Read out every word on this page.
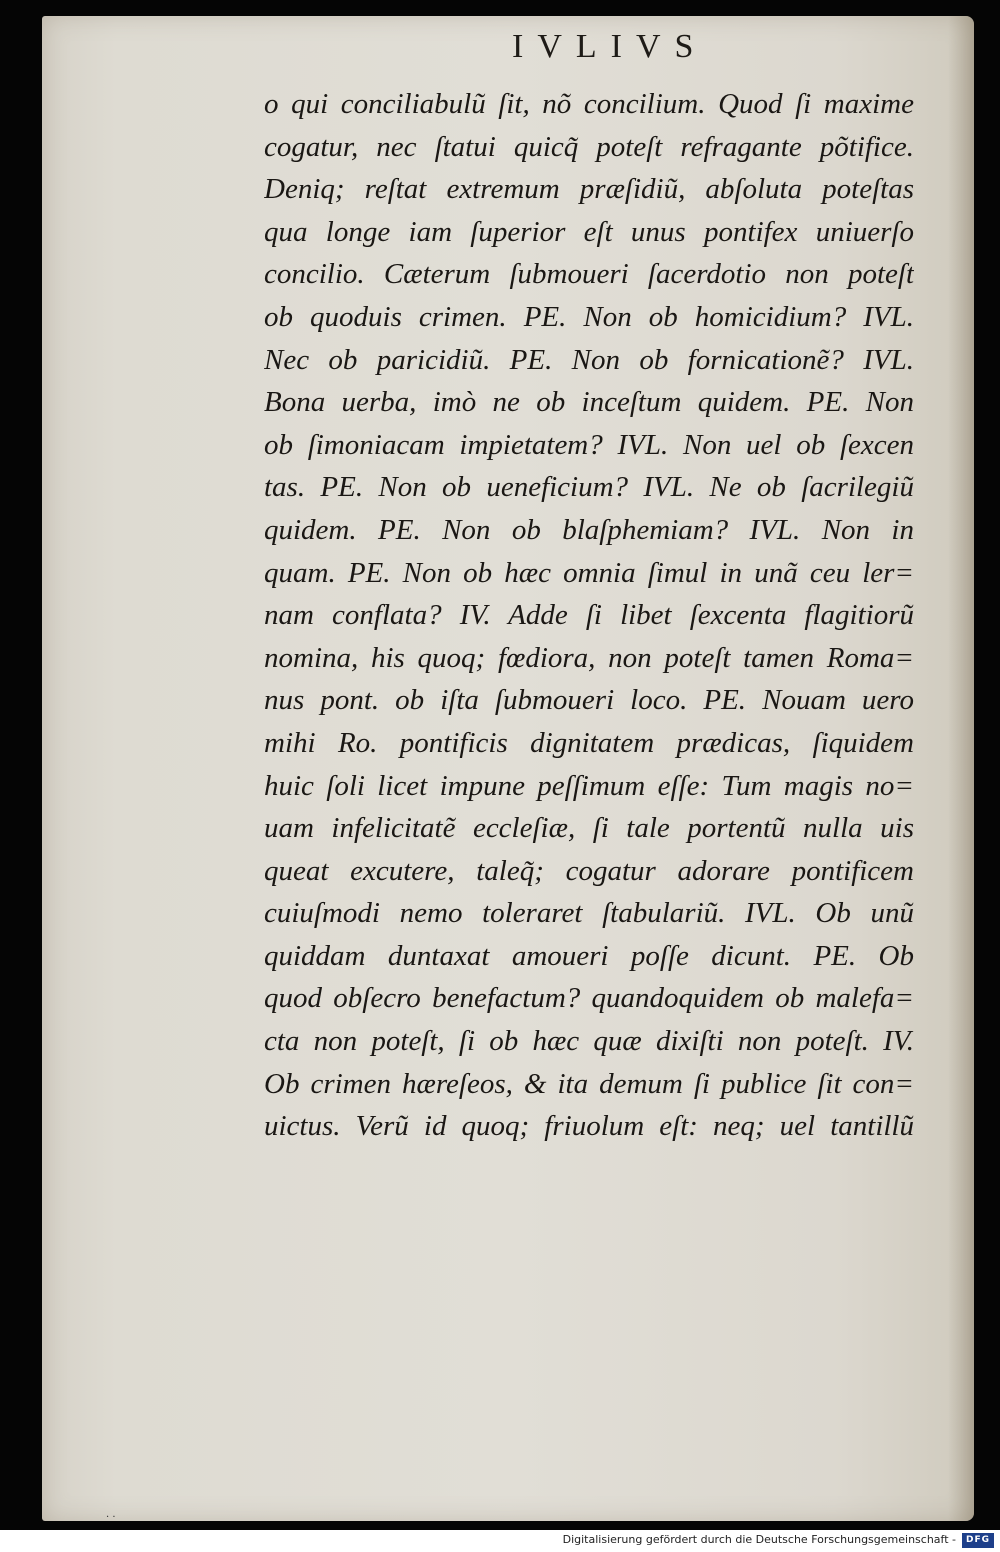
IVLIVS
o qui conciliabulũ ſit, nõ concilium. Quod ſi maxime
cogatur, nec ſtatui quicq̃ poteſt refragante põtifice.
Deniq; reſtat extremum præſidiũ, abſoluta poteſtas
qua longe iam ſuperior eſt unus pontifex uniuerſo
concilio. Cæterum ſubmoueri ſacerdotio non poteſt
ob quoduis crimen. PE. Non ob homicidium? IVL.
Nec ob paricidiũ. PE. Non ob fornicationẽ? IVL.
Bona uerba, imò ne ob inceſtum quidem. PE. Non
ob ſimoniacam impietatem? IVL. Non uel ob ſexcen
tas. PE. Non ob ueneficium? IVL. Ne ob ſacrilegiũ
quidem. PE. Non ob blaſphemiam? IVL. Non in
quam. PE. Non ob hæc omnia ſimul in unã ceu ler=
nam conflata? IV. Adde ſi libet ſexcenta flagitiorũ
nomina, his quoq; fœdiora, non poteſt tamen Roma=
nus pont. ob iſta ſubmoueri loco. PE. Nouam uero
mihi Ro. pontificis dignitatem prædicas, ſiquidem
huic ſoli licet impune peſſimum eſſe: Tum magis no=
uam infelicitatẽ eccleſiæ, ſi tale portentũ nulla uis
queat excutere, taleq̃; cogatur adorare pontificem
cuiuſmodi nemo toleraret ſtabulariũ. IVL. Ob unũ
quiddam duntaxat amoueri poſſe dicunt. PE. Ob
quod obſecro benefactum? quandoquidem ob malefa=
cta non poteſt, ſi ob hæc quæ dixiſti non poteſt. IV.
Ob crimen hæreſeos, & ita demum ſi publice ſit con=
uictus. Verũ id quoq; friuolum eſt: neq; uel tantillũ
· ·
Digitalisierung gefördert durch die Deutsche Forschungsgemeinschaft -	DFG
